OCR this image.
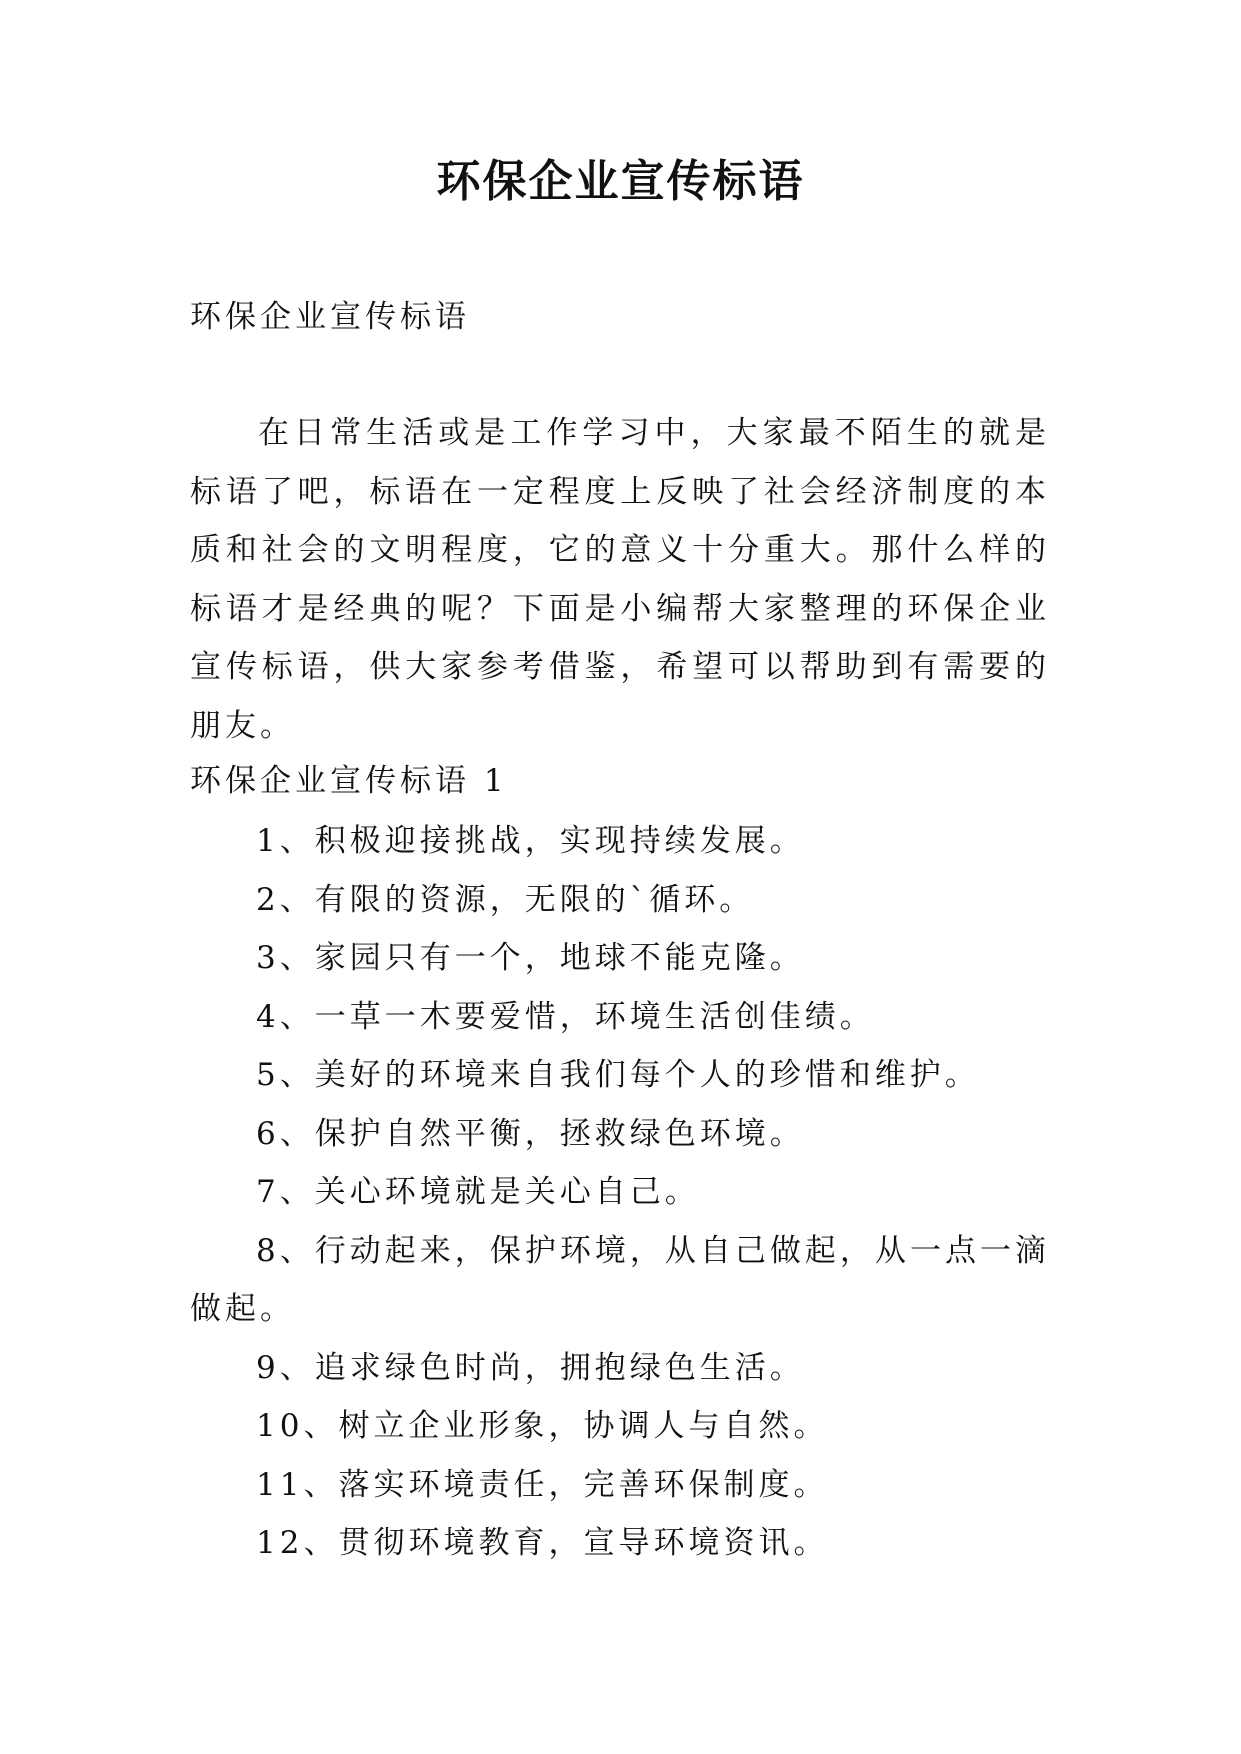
环保企业宣传标语
环保企业宣传标语
在日常生活或是工作学习中，大家最不陌生的就是标语了吧，标语在一定程度上反映了社会经济制度的本质和社会的文明程度，它的意义十分重大。那什么样的标语才是经典的呢？下面是小编帮大家整理的环保企业宣传标语，供大家参考借鉴，希望可以帮助到有需要的朋友。
环保企业宣传标语 1
1、积极迎接挑战，实现持续发展。
2、有限的资源，无限的`循环。
3、家园只有一个，地球不能克隆。
4、一草一木要爱惜，环境生活创佳绩。
5、美好的环境来自我们每个人的珍惜和维护。
6、保护自然平衡，拯救绿色环境。
7、关心环境就是关心自己。
8、行动起来，保护环境，从自己做起，从一点一滴做起。
9、追求绿色时尚，拥抱绿色生活。
10、树立企业形象，协调人与自然。
11、落实环境责任，完善环保制度。
12、贯彻环境教育，宣导环境资讯。
